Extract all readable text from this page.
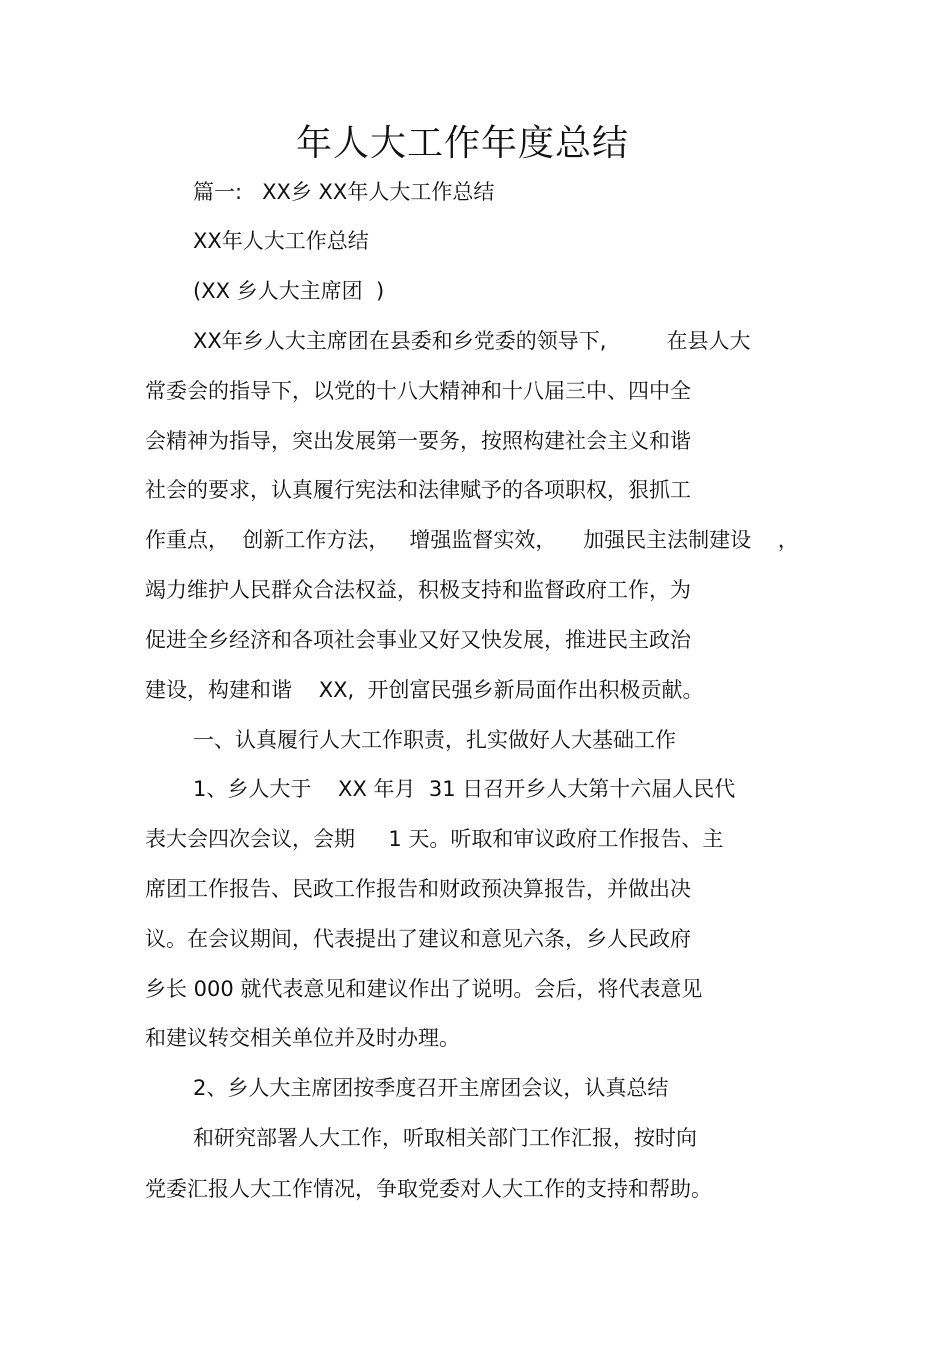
年人大工作年度总结
篇一:   XX乡 XX年人大工作总结
XX年人大工作总结
(XX 乡人大主席团  )
XX年乡人大主席团在县委和乡党委的领导下,         在县人大
常委会的指导下，以党的十八大精神和十八届三中、四中全
会精神为指导，突出发展第一要务，按照构建社会主义和谐
社会的要求，认真履行宪法和法律赋予的各项职权，狠抓工
作重点，  创新工作方法，   增强监督实效，    加强民主法制建设    ，
竭力维护人民群众合法权益，积极支持和监督政府工作，为
促进全乡经济和各项社会事业又好又快发展，推进民主政治
建设，构建和谐    XX,  开创富民强乡新局面作出积极贡献。
一、认真履行人大工作职责，扎实做好人大基础工作
1、乡人大于    XX 年月  31 日召开乡人大第十六届人民代
表大会四次会议，会期     1 天。听取和审议政府工作报告、主
席团工作报告、民政工作报告和财政预决算报告，并做出决
议。在会议期间，代表提出了建议和意见六条，乡人民政府
乡长 000 就代表意见和建议作出了说明。会后，将代表意见
和建议转交相关单位并及时办理。
2、乡人大主席团按季度召开主席团会议，认真总结
和研究部署人大工作，听取相关部门工作汇报，按时向
党委汇报人大工作情况，争取党委对人大工作的支持和帮助。
